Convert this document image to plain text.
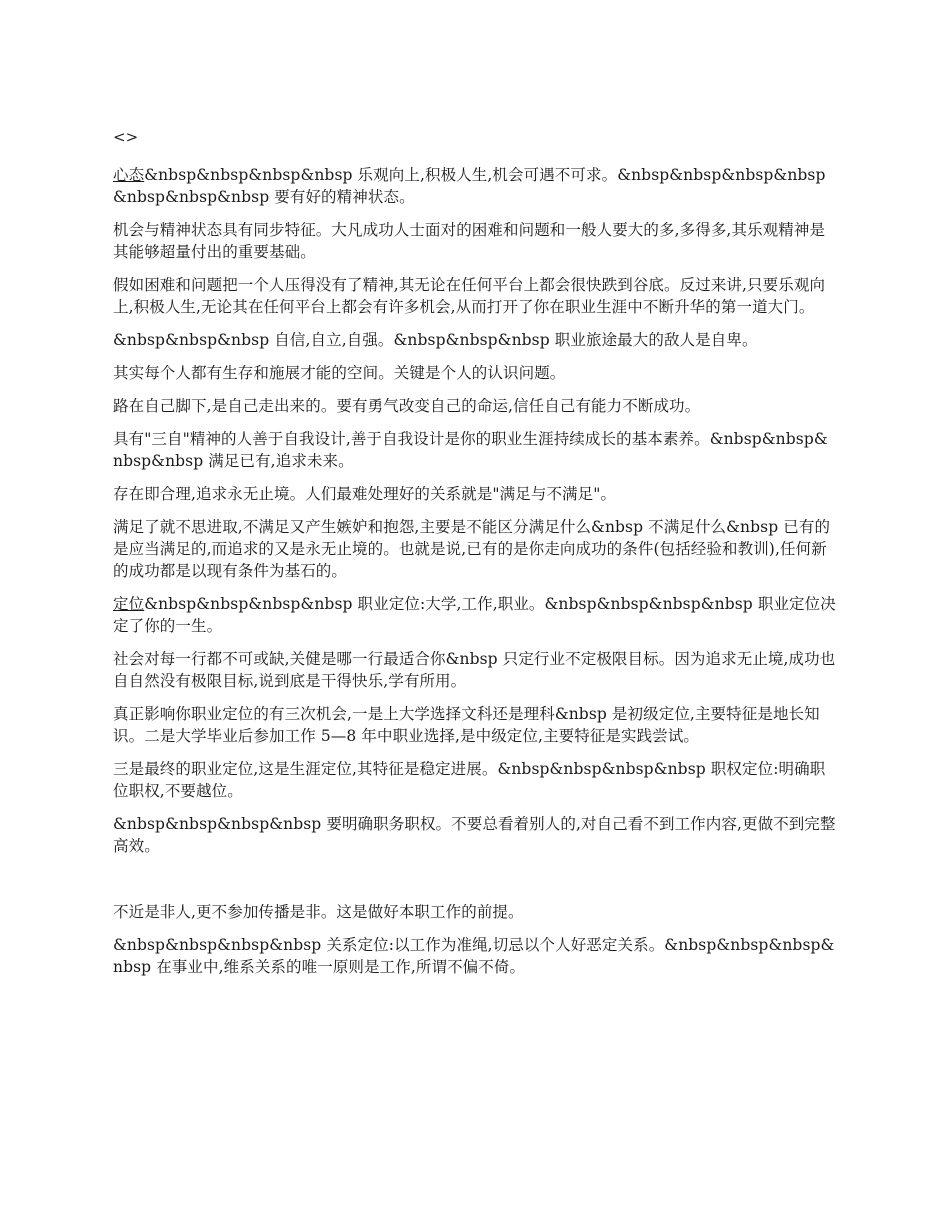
<>

心态&nbsp&nbsp&nbsp&nbsp 乐观向上,积极人生,机会可遇不可求。&nbsp&nbsp&nbsp&nbsp&nbsp&nbsp&nbsp 要有好的精神状态。

机会与精神状态具有同步特征。大凡成功人士面对的困难和问题和一般人要大的多,多得多,其乐观精神是其能够超量付出的重要基础。

假如困难和问题把一个人压得没有了精神,其无论在任何平台上都会很快跌到谷底。反过来讲,只要乐观向上,积极人生,无论其在任何平台上都会有许多机会,从而打开了你在职业生涯中不断升华的第一道大门。

&nbsp&nbsp&nbsp 自信,自立,自强。&nbsp&nbsp&nbsp 职业旅途最大的敌人是自卑。

其实每个人都有生存和施展才能的空间。关键是个人的认识问题。

路在自己脚下,是自己走出来的。要有勇气改变自己的命运,信任自己有能力不断成功。

具有"三自"精神的人善于自我设计,善于自我设计是你的职业生涯持续成长的基本素养。&nbsp&nbsp&nbsp&nbsp 满足已有,追求未来。

存在即合理,追求永无止境。人们最难处理好的关系就是"满足与不满足"。

满足了就不思进取,不满足又产生嫉妒和抱怨,主要是不能区分满足什么&nbsp 不满足什么&nbsp 已有的是应当满足的,而追求的又是永无止境的。也就是说,已有的是你走向成功的条件(包括经验和教训),任何新的成功都是以现有条件为基石的。

定位&nbsp&nbsp&nbsp&nbsp 职业定位:大学,工作,职业。&nbsp&nbsp&nbsp&nbsp 职业定位决定了你的一生。

社会对每一行都不可或缺,关健是哪一行最适合你&nbsp 只定行业不定极限目标。因为追求无止境,成功也自自然没有极限目标,说到底是干得快乐,学有所用。

真正影响你职业定位的有三次机会,一是上大学选择文科还是理科&nbsp 是初级定位,主要特征是地长知识。二是大学毕业后参加工作 5—8 年中职业选择,是中级定位,主要特征是实践尝试。

三是最终的职业定位,这是生涯定位,其特征是稳定进展。&nbsp&nbsp&nbsp&nbsp 职权定位:明确职位职权,不要越位。

&nbsp&nbsp&nbsp&nbsp 要明确职务职权。不要总看着别人的,对自己看不到工作内容,更做不到完整高效。

不近是非人,更不参加传播是非。这是做好本职工作的前提。

&nbsp&nbsp&nbsp&nbsp 关系定位:以工作为准绳,切忌以个人好恶定关系。&nbsp&nbsp&nbsp&nbsp 在事业中,维系关系的唯一原则是工作,所谓不偏不倚。
